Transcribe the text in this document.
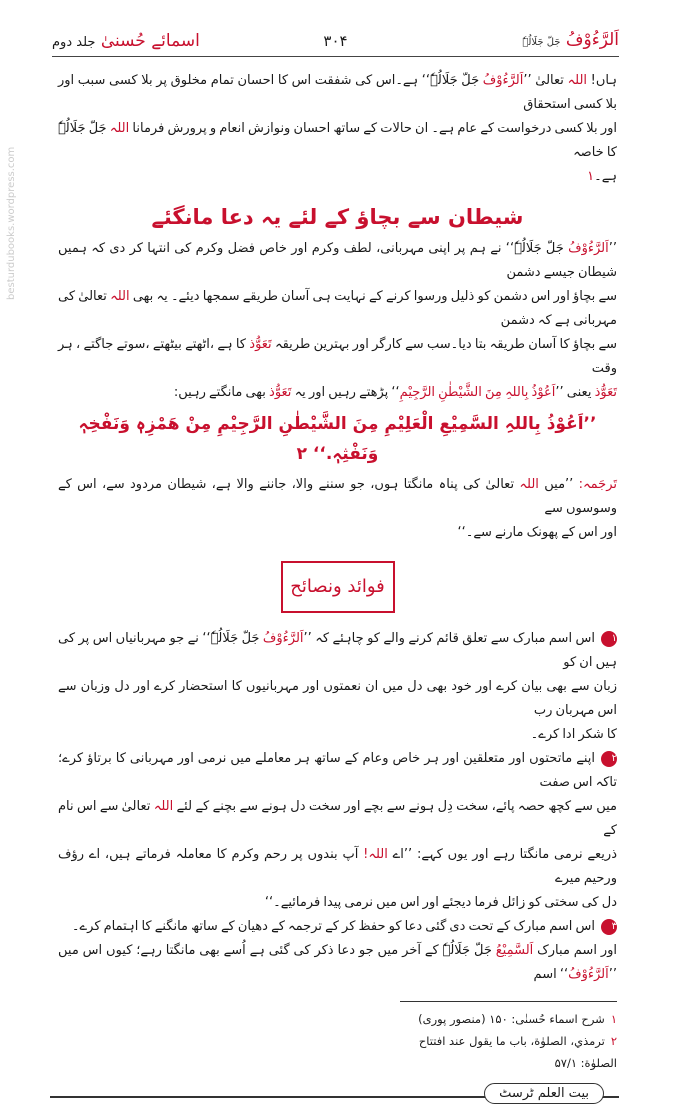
besturdubooks.wordpress.com
اَلرَّءُوْفُ جَلّ جَلَالُہٗ
۳۰۴
اسمائے حُسنیٰ جلد دوم
ہاں! اللہ تعالیٰ ’’اَلرَّءُوْفُ جَلّ جَلَالُہٗ‘‘ ہے۔اس کی شفقت اس کا احسان تمام مخلوق پر بلا کسی سبب اور بلا کسی استحقاق
اور بلا کسی درخواست کے عام ہے۔ ان حالات کے ساتھ احسان ونوازش انعام و پرورش فرمانا اللہ جَلّ جَلَالُہٗ کا خاصہ
ہے۔۱
شیطان سے بچاؤ کے لئے یہ دعا مانگئے
’’اَلرَّءُوْفُ جَلّ جَلَالُہٗ‘‘ نے ہم پر اپنی مہربانی، لطف وکرم اور خاص فضل وکرم کی انتہا کر دی کہ ہمیں شیطان جیسے دشمن
سے بچاؤ اور اس دشمن کو ذلیل ورسوا کرنے کے نہایت ہی آسان طریقے سمجھا دیئے۔ یہ بھی اللہ تعالیٰ کی مہربانی ہے کہ دشمن
سے بچاؤ کا آسان طریقہ بتا دیا۔سب سے کارگر اور بہترین طریقہ تَعَوُّذ کا ہے ،اٹھتے بیٹھتے ،سوتے جاگتے ، ہر وقت
تَعَوُّذ یعنی ’’اَعُوْذُ بِاللہِ مِنَ الشَّیْطٰنِ الرَّجِیْمِ‘‘ پڑھتے رہیں اور یہ تَعَوُّذ بھی مانگتے رہیں:
’’اَعُوْذُ بِاللہِ السَّمِیْعِ الْعَلِیْمِ مِنَ الشَّیْطٰنِ الرَّجِیْمِ مِنْ ھَمْزِہٖ وَنَفْخِہٖ وَنَفْثِہٖ.‘‘ ۲
تَرجَمہ: ’’میں اللہ تعالیٰ کی پناہ مانگتا ہوں، جو سننے والا، جاننے والا ہے، شیطان مردود سے، اس کے وسوسوں سے
اور اس کے پھونک مارنے سے۔‘‘
فوائد ونصائح
۱اس اسم مبارک سے تعلق قائم کرنے والے کو چاہئے کہ ’’اَلرَّءُوْفُ جَلّ جَلَالُہٗ‘‘ نے جو مہربانیاں اس پر کی ہیں ان کو
زبان سے بھی بیان کرے اور خود بھی دل میں ان نعمتوں اور مہربانیوں کا استحضار کرے اور دل وزبان سے اس مہربان رب
کا شکر ادا کرے۔
۲اپنے ماتحتوں اور متعلقین اور ہر خاص وعام کے ساتھ ہر معاملے میں نرمی اور مہربانی کا برتاؤ کرے؛ تاکہ اس صفت
میں سے کچھ حصہ پائے، سخت دِل ہونے سے بچے اور سخت دل ہونے سے بچنے کے لئے اللہ تعالیٰ سے اس نام کے
ذریعے نرمی مانگتا رہے اور یوں کہے: ’’اے اللہ! آپ بندوں پر رحم وکرم کا معاملہ فرماتے ہیں، اے رؤف ورحیم میرے
دل کی سختی کو زائل فرما دیجئے اور اس میں نرمی پیدا فرمائیے۔‘‘
۳اس اسم مبارک کے تحت دی گئی دعا کو حفظ کر کے ترجمہ کے دھیان کے ساتھ مانگنے کا اہتمام کرے۔
اور اسم مبارک اَلسَّمِیْعُ جَلّ جَلَالُہٗ کے آخر میں جو دعا ذکر کی گئی ہے اُسے بھی مانگتا رہے؛ کیوں اس میں ’’اَلرَّءُوْفُ‘‘ اسم
۱شرح اسماء حُسنٰی: ۱۵۰ (منصور پوری)
۲ترمذي، الصلوٰة، باب ما يقول عند افتتاح الصلوٰة: ۵۷/۱
بیت العلم ٹرسٹ
